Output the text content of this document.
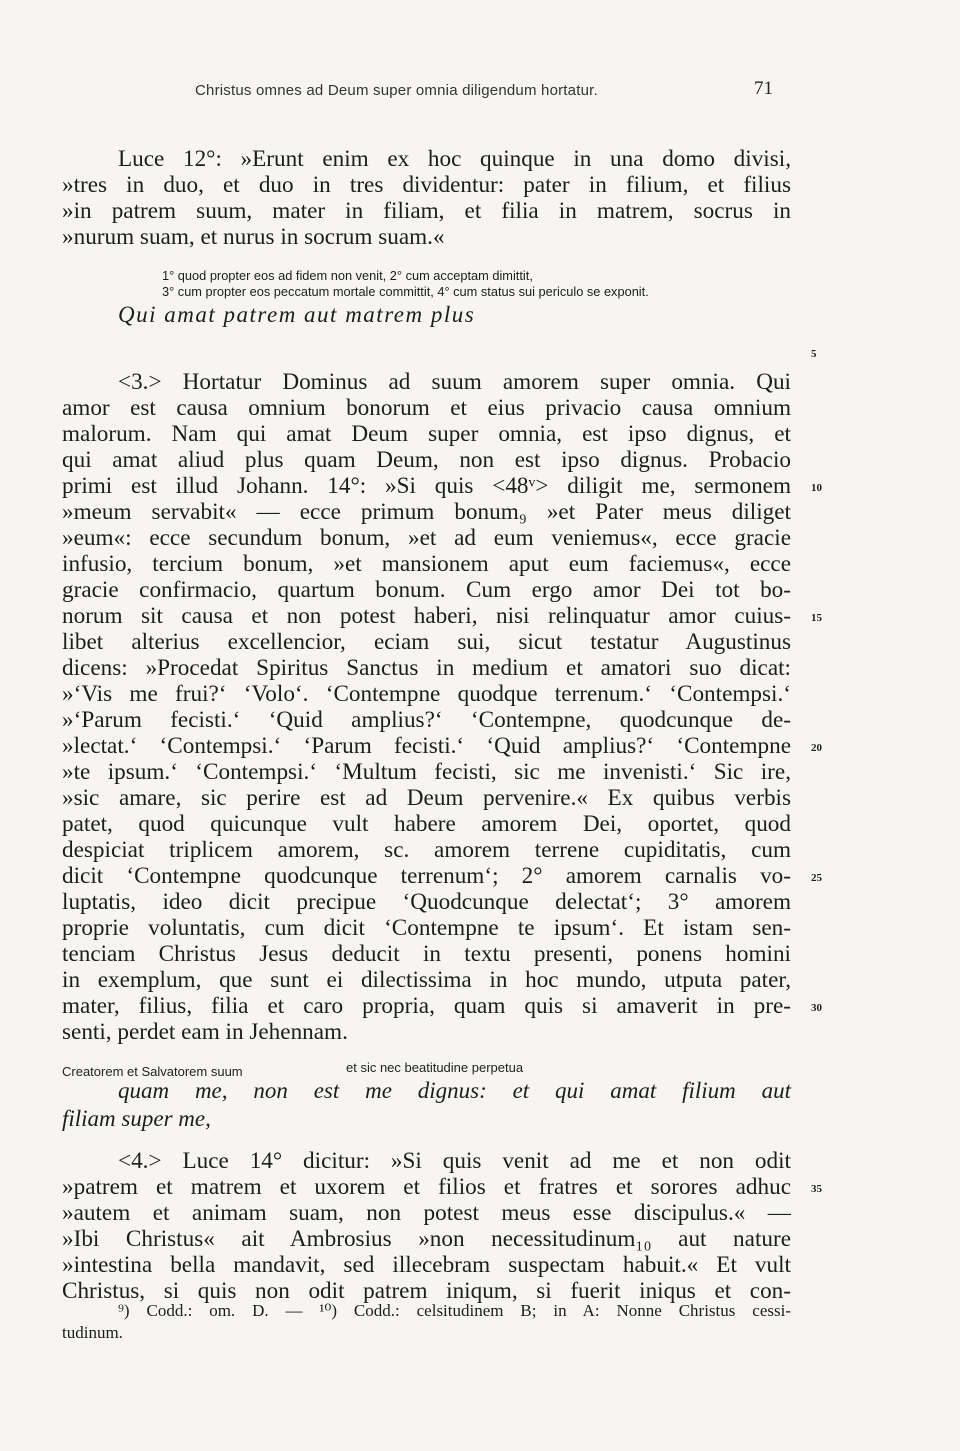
Christus omnes ad Deum super omnia diligendum hortatur.	71
Luce 12°: »Erunt enim ex hoc quinque in una domo divisi,
»tres in duo, et duo in tres dividentur: pater in filium, et filius
»in patrem suum, mater in filiam, et filia in matrem, socrus in
»nurum suam, et nurus in socrum suam.«
1° quod propter eos ad fidem non venit, 2° cum acceptam dimittit,
3° cum propter eos peccatum mortale committit, 4° cum status sui periculo se exponit.
Qui amat patrem aut matrem plus
<3.> Hortatur Dominus ad suum amorem super omnia. Qui
amor est causa omnium bonorum et eius privacio causa omnium
malorum. Nam qui amat Deum super omnia, est ipso dignus, et
qui amat aliud plus quam Deum, non est ipso dignus. Probacio
primi est illud Johann. 14°: »Si quis <48ᵛ> diligit me, sermonem
»meum servabit« — ecce primum bonum₉ »et Pater meus diliget
»eum«: ecce secundum bonum, »et ad eum veniemus«, ecce gracie
infusio, tercium bonum, »et mansionem aput eum faciemus«, ecce
gracie confirmacio, quartum bonum. Cum ergo amor Dei tot bo-
norum sit causa et non potest haberi, nisi relinquatur amor cuius-
libet alterius excellencior, eciam sui, sicut testatur Augustinus
dicens: »Procedat Spiritus Sanctus in medium et amatori suo dicat:
»‘Vis me frui?‘ ‘Volo‘. ‘Contempne quodque terrenum.‘ ‘Contempsi.‘
»‘Parum fecisti.‘ ‘Quid amplius?‘ ‘Contempne, quodcunque de-
»lectat.‘ ‘Contempsi.‘ ‘Parum fecisti.‘ ‘Quid amplius?‘ ‘Contempne
»te ipsum.‘ ‘Contempsi.‘ ‘Multum fecisti, sic me invenisti.‘ Sic ire,
»sic amare, sic perire est ad Deum pervenire.« Ex quibus verbis
patet, quod quicunque vult habere amorem Dei, oportet, quod
despiciat triplicem amorem, sc. amorem terrene cupiditatis, cum
dicit ‘Contempne quodcunque terrenum‘; 2° amorem carnalis vo-
luptatis, ideo dicit precipue ‘Quodcunque delectat‘; 3° amorem
proprie voluntatis, cum dicit ‘Contempne te ipsum‘. Et istam sen-
tenciam Christus Jesus deducit in textu presenti, ponens homini
in exemplum, que sunt ei dilectissima in hoc mundo, utputa pater,
mater, filius, filia et caro propria, quam quis si amaverit in pre-
senti, perdet eam in Jehennam.
Creatorem et Salvatorem suum	et sic nec beatitudine perpetua
quam me, non est me dignus: et qui amat filium aut
filiam super me,
<4.> Luce 14° dicitur: »Si quis venit ad me et non odit
»patrem et matrem et uxorem et filios et fratres et sorores adhuc
»autem et animam suam, non potest meus esse discipulus.« —
»Ibi Christus« ait Ambrosius »non necessitudinum₁₀ aut nature
»intestina bella mandavit, sed illecebram suspectam habuit.« Et vult
Christus, si quis non odit patrem iniqum, si fuerit iniqus et con-
5
10
15
20
25
30
35
⁹) Codd.: om. D. — ¹⁰) Codd.: celsitudinem B; in A: Nonne Christus cessi-
tudinum.
